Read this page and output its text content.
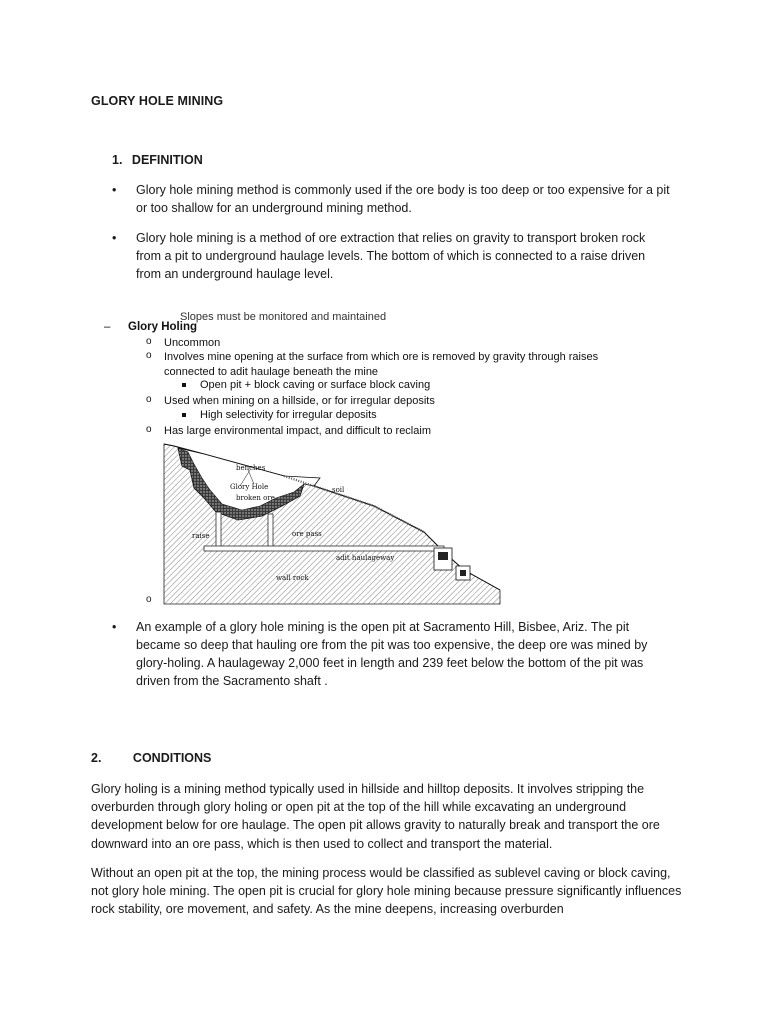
GLORY HOLE MINING
1. DEFINITION
• Glory hole mining method is commonly used if the ore body is too deep or too expensive for a pit or too shallow for an underground mining method.
• Glory hole mining is a method of ore extraction that relies on gravity to transport broken rock from a pit to underground haulage levels. The bottom of which is connected to a raise driven from an underground haulage level.
Slopes must be monitored and maintained
– Glory Holing
o Uncommon
o Involves mine opening at the surface from which ore is removed by gravity through raises connected to adit haulage beneath the mine
Open pit + block caving or surface block caving
o Used when mining on a hillside, or for irregular deposits
High selectivity for irregular deposits
o Has large environmental impact, and difficult to reclaim
benches
Glory Hole
broken ore
soil
raise	ore pass
adit haulageway
wall rock
o
• An example of a glory hole mining is the open pit at Sacramento Hill, Bisbee, Ariz. The pit became so deep that hauling ore from the pit was too expensive, the deep ore was mined by glory-holing. A haulageway 2,000 feet in length and 239 feet below the bottom of the pit was driven from the Sacramento shaft .
2.	CONDITIONS
Glory holing is a mining method typically used in hillside and hilltop deposits. It involves stripping the overburden through glory holing or open pit at the top of the hill while excavating an underground development below for ore haulage. The open pit allows gravity to naturally break and transport the ore downward into an ore pass, which is then used to collect and transport the material.
Without an open pit at the top, the mining process would be classified as sublevel caving or block caving, not glory hole mining. The open pit is crucial for glory hole mining because pressure significantly influences rock stability, ore movement, and safety. As the mine deepens, increasing overburden
